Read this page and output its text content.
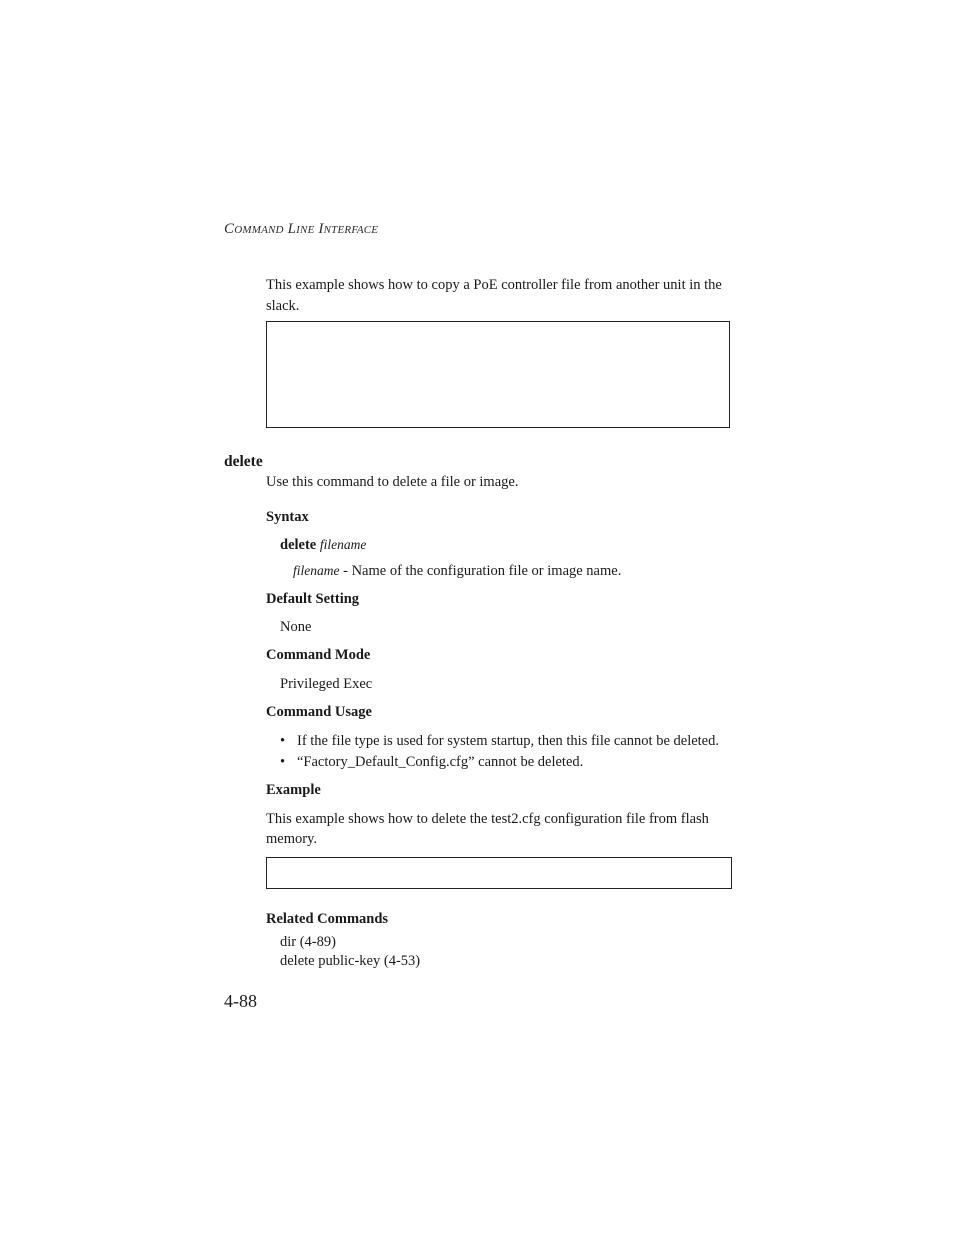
Command Line Interface
This example shows how to copy a PoE controller file from another unit in the slack.
delete
Use this command to delete a file or image.
Syntax
delete filename
filename - Name of the configuration file or image name.
Default Setting
None
Command Mode
Privileged Exec
Command Usage
• If the file type is used for system startup, then this file cannot be deleted.
• “Factory_Default_Config.cfg” cannot be deleted.
Example
This example shows how to delete the test2.cfg configuration file from flash memory.
Related Commands
dir (4-89)
delete public-key (4-53)
4-88
